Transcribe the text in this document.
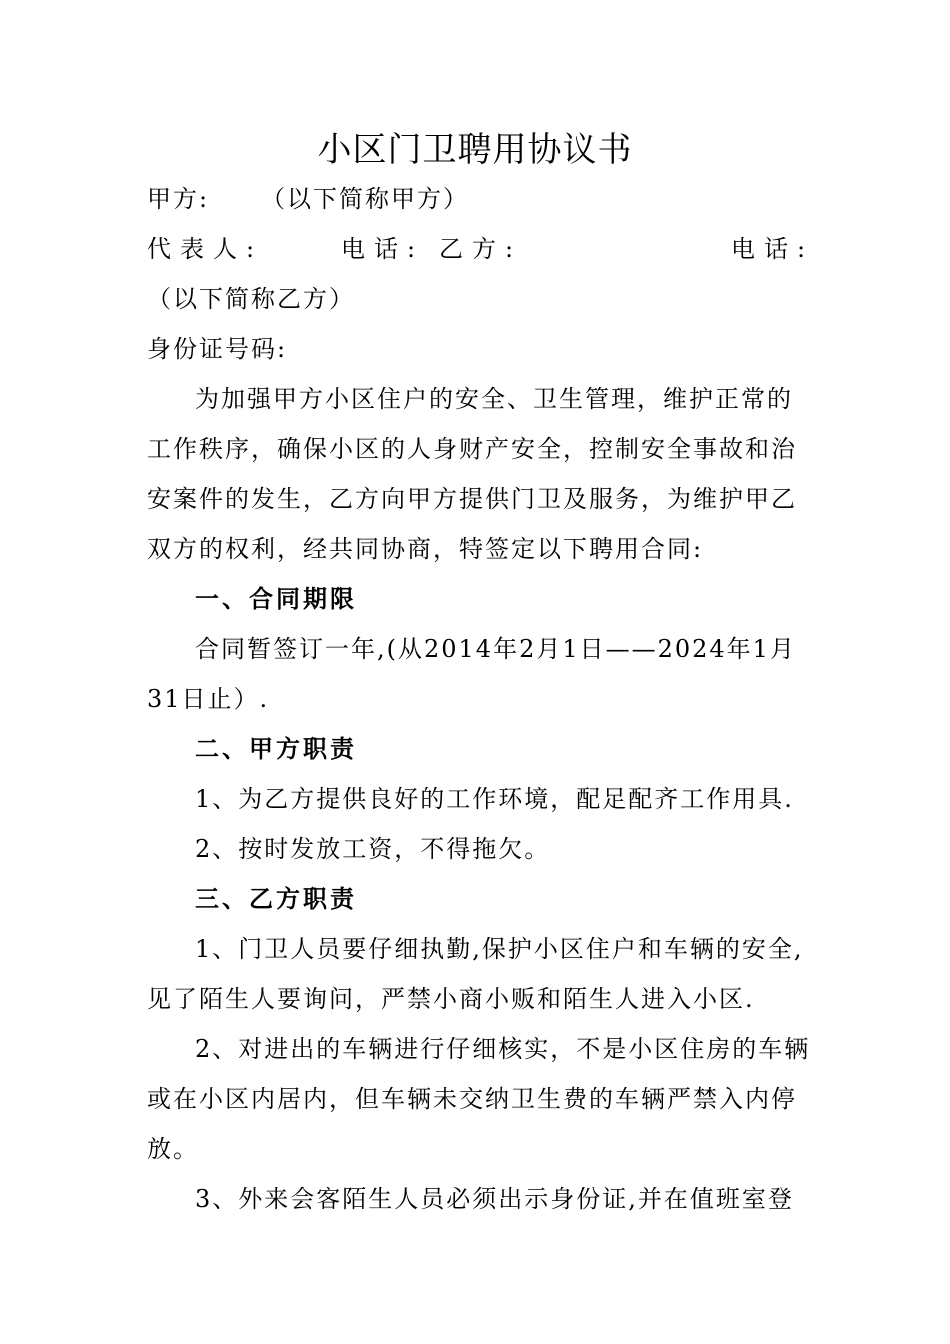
小区门卫聘用协议书
甲方: （以下简称甲方）
代表人:	电话: 乙方:	电话:
（以下简称乙方）
身份证号码:
为加强甲方小区住户的安全、卫生管理，维护正常的
工作秩序，确保小区的人身财产安全，控制安全事故和治
安案件的发生，乙方向甲方提供门卫及服务，为维护甲乙
双方的权利，经共同协商，特签定以下聘用合同:
一、合同期限
合同暂签订一年,(从2014年2月1日——2024年1月
31日止）.
二、甲方职责
1、为乙方提供良好的工作环境，配足配齐工作用具.
2、按时发放工资，不得拖欠。
三、乙方职责
1、门卫人员要仔细执勤,保护小区住户和车辆的安全,
见了陌生人要询问，严禁小商小贩和陌生人进入小区.
2、对进出的车辆进行仔细核实，不是小区住房的车辆
或在小区内居内，但车辆未交纳卫生费的车辆严禁入内停
放。
3、外来会客陌生人员必须出示身份证,并在值班室登
